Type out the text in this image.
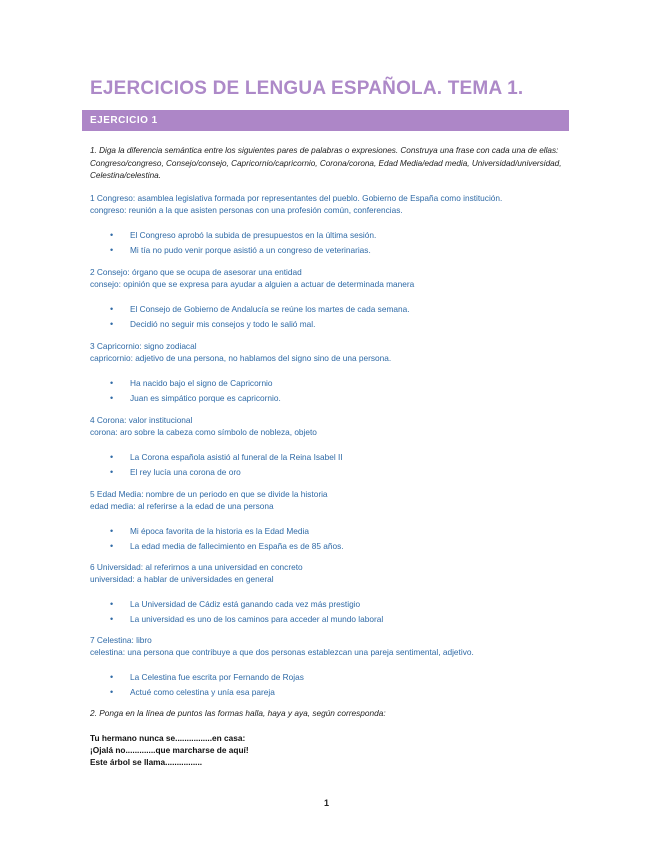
EJERCICIOS DE LENGUA ESPAÑOLA. TEMA 1.
EJERCICIO 1
1. Diga la diferencia semántica entre los siguientes pares de palabras o expresiones. Construya una frase con cada una de ellas: Congreso/congreso, Consejo/consejo, Capricornio/capricornio, Corona/corona, Edad Media/edad media, Universidad/universidad, Celestina/celestina.
1 Congreso: asamblea legislativa formada por representantes del pueblo. Gobierno de España como institución.
congreso: reunión a la que asisten personas con una profesión común, conferencias.
• El Congreso aprobó la subida de presupuestos en la última sesión.
• Mi tía no pudo venir porque asistió a un congreso de veterinarias.
2 Consejo: órgano que se ocupa de asesorar una entidad
consejo: opinión que se expresa para ayudar a alguien a actuar de determinada manera
• El Consejo de Gobierno de Andalucía se reúne los martes de cada semana.
• Decidió no seguir mis consejos y todo le salió mal.
3 Capricornio: signo zodiacal
capricornio: adjetivo de una persona, no hablamos del signo sino de una persona.
• Ha nacido bajo el signo de Capricornio
• Juan es simpático porque es capricornio.
4 Corona: valor institucional
corona: aro sobre la cabeza como símbolo de nobleza, objeto
• La Corona española asistió al funeral de la Reina Isabel II
• El rey lucía una corona de oro
5 Edad Media: nombre de un periodo en que se divide la historia
edad media: al referirse a la edad de una persona
• Mi época favorita de la historia es la Edad Media
• La edad media de fallecimiento en España es de 85 años.
6 Universidad: al referirnos a una universidad en concreto
universidad: a hablar de universidades en general
• La Universidad de Cádiz está ganando cada vez más prestigio
• La universidad es uno de los caminos para acceder al mundo laboral
7 Celestina: libro
celestina: una persona que contribuye a que dos personas establezcan una pareja sentimental, adjetivo.
• La Celestina fue escrita por Fernando de Rojas
• Actué como celestina y unía esa pareja
2. Ponga en la línea de puntos las formas halla, haya y aya, según corresponda:
Tu hermano nunca se................en casa:
¡Ojalá no.............que marcharse de aquí!
Este árbol se llama................
1
